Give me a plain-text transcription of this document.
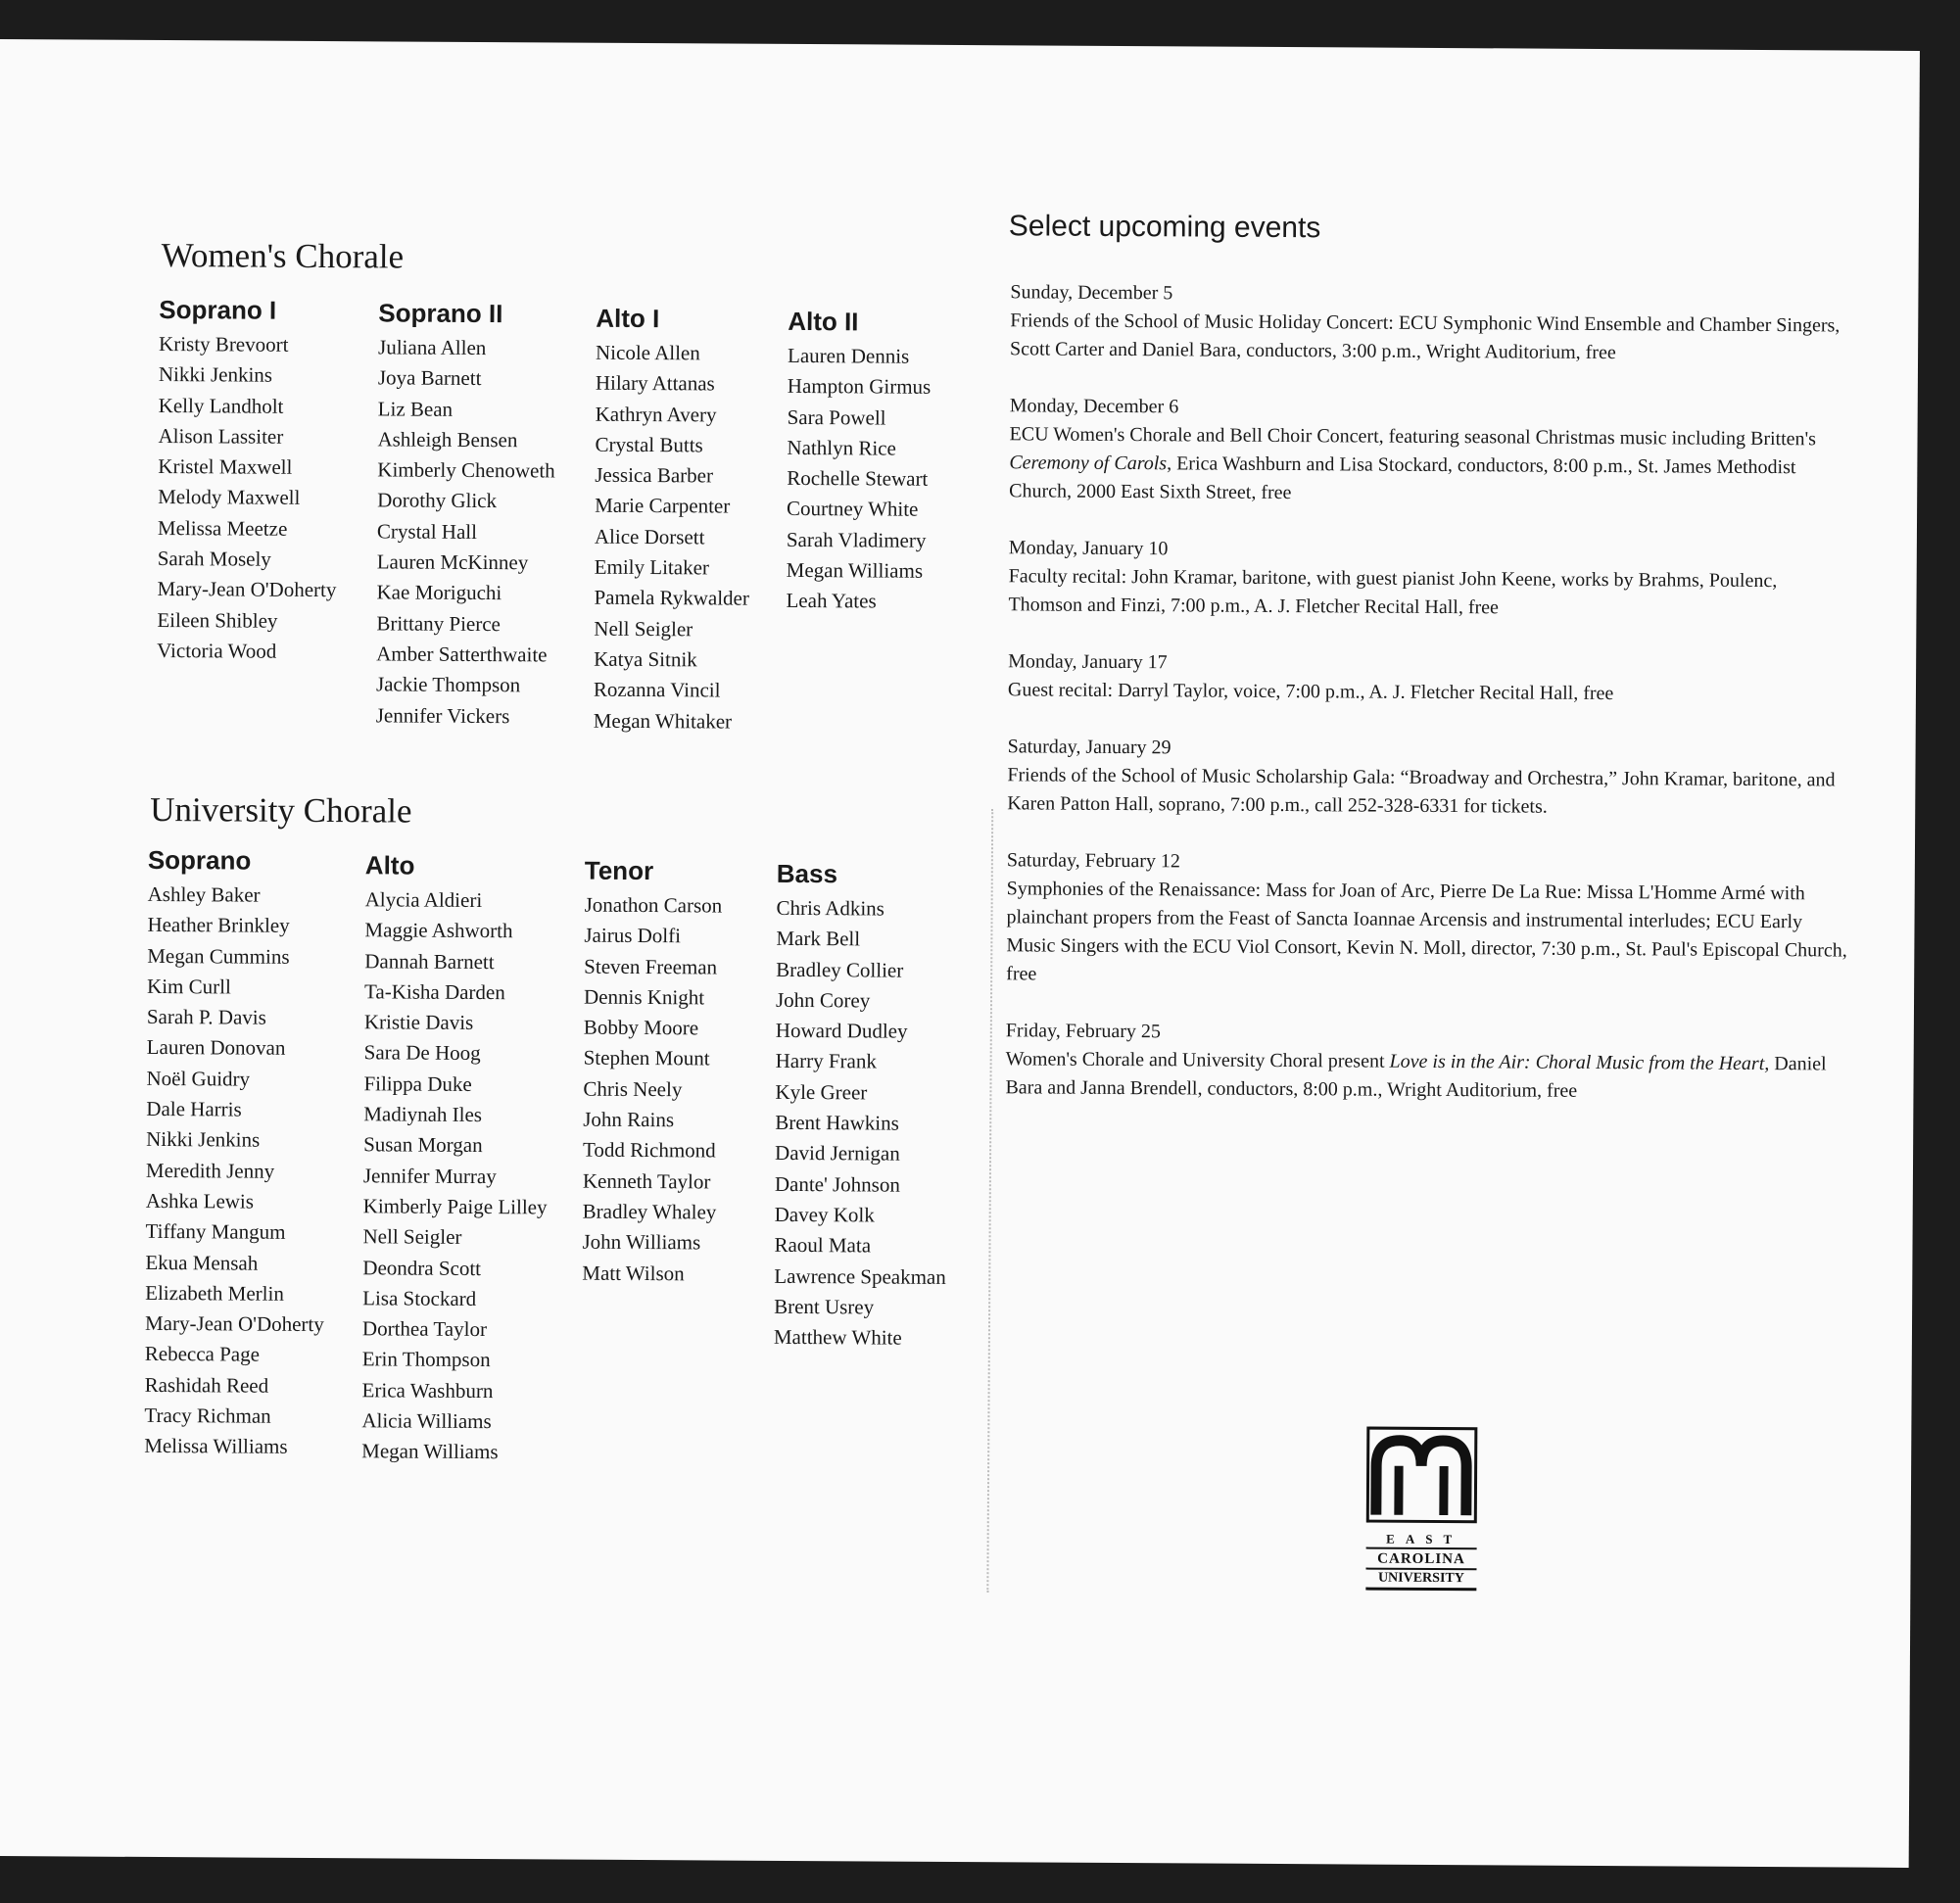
Women's Chorale
Soprano I
Kristy Brevoort
Nikki Jenkins
Kelly Landholt
Alison Lassiter
Kristel Maxwell
Melody Maxwell
Melissa Meetze
Sarah Mosely
Mary-Jean O'Doherty
Eileen Shibley
Victoria Wood
Soprano II
Juliana Allen
Joya Barnett
Liz Bean
Ashleigh Bensen
Kimberly Chenoweth
Dorothy Glick
Crystal Hall
Lauren McKinney
Kae Moriguchi
Brittany Pierce
Amber Satterthwaite
Jackie Thompson
Jennifer Vickers
Alto I
Nicole Allen
Hilary Attanas
Kathryn Avery
Crystal Butts
Jessica Barber
Marie Carpenter
Alice Dorsett
Emily Litaker
Pamela Rykwalder
Nell Seigler
Katya Sitnik
Rozanna Vincil
Megan Whitaker
Alto II
Lauren Dennis
Hampton Girmus
Sara Powell
Nathlyn Rice
Rochelle Stewart
Courtney White
Sarah Vladimery
Megan Williams
Leah Yates
University Chorale
Soprano
Ashley Baker
Heather Brinkley
Megan Cummins
Kim Curll
Sarah P. Davis
Lauren Donovan
Noël Guidry
Dale Harris
Nikki Jenkins
Meredith Jenny
Ashka Lewis
Tiffany Mangum
Ekua Mensah
Elizabeth Merlin
Mary-Jean O'Doherty
Rebecca Page
Rashidah Reed
Tracy Richman
Melissa Williams
Alto
Alycia Aldieri
Maggie Ashworth
Dannah Barnett
Ta-Kisha Darden
Kristie Davis
Sara De Hoog
Filippa Duke
Madiynah Iles
Susan Morgan
Jennifer Murray
Kimberly Paige Lilley
Nell Seigler
Deondra Scott
Lisa Stockard
Dorthea Taylor
Erin Thompson
Erica Washburn
Alicia Williams
Megan Williams
Tenor
Jonathon Carson
Jairus Dolfi
Steven Freeman
Dennis Knight
Bobby Moore
Stephen Mount
Chris Neely
John Rains
Todd Richmond
Kenneth Taylor
Bradley Whaley
John Williams
Matt Wilson
Bass
Chris Adkins
Mark Bell
Bradley Collier
John Corey
Howard Dudley
Harry Frank
Kyle Greer
Brent Hawkins
David Jernigan
Dante' Johnson
Davey Kolk
Raoul Mata
Lawrence Speakman
Brent Usrey
Matthew White
Select upcoming events
Sunday, December 5
Friends of the School of Music Holiday Concert: ECU Symphonic Wind Ensemble and Chamber Singers, Scott Carter and Daniel Bara, conductors, 3:00 p.m., Wright Auditorium, free
Monday, December 6
ECU Women's Chorale and Bell Choir Concert, featuring seasonal Christmas music including Britten's Ceremony of Carols, Erica Washburn and Lisa Stockard, conductors, 8:00 p.m., St. James Methodist Church, 2000 East Sixth Street, free
Monday, January 10
Faculty recital: John Kramar, baritone, with guest pianist John Keene, works by Brahms, Poulenc, Thomson and Finzi, 7:00 p.m., A. J. Fletcher Recital Hall, free
Monday, January 17
Guest recital: Darryl Taylor, voice, 7:00 p.m., A. J. Fletcher Recital Hall, free
Saturday, January 29
Friends of the School of Music Scholarship Gala: “Broadway and Orchestra,” John Kramar, baritone, and Karen Patton Hall, soprano, 7:00 p.m., call 252-328-6331 for tickets.
Saturday, February 12
Symphonies of the Renaissance: Mass for Joan of Arc, Pierre De La Rue: Missa L'Homme Armé with plainchant propers from the Feast of Sancta Ioannae Arcensis and instrumental interludes; ECU Early Music Singers with the ECU Viol Consort, Kevin N. Moll, director, 7:30 p.m., St. Paul's Episcopal Church, free
Friday, February 25
Women's Chorale and University Choral present Love is in the Air: Choral Music from the Heart, Daniel Bara and Janna Brendell, conductors, 8:00 p.m., Wright Auditorium, free
EAST
CAROLINA
UNIVERSITY
